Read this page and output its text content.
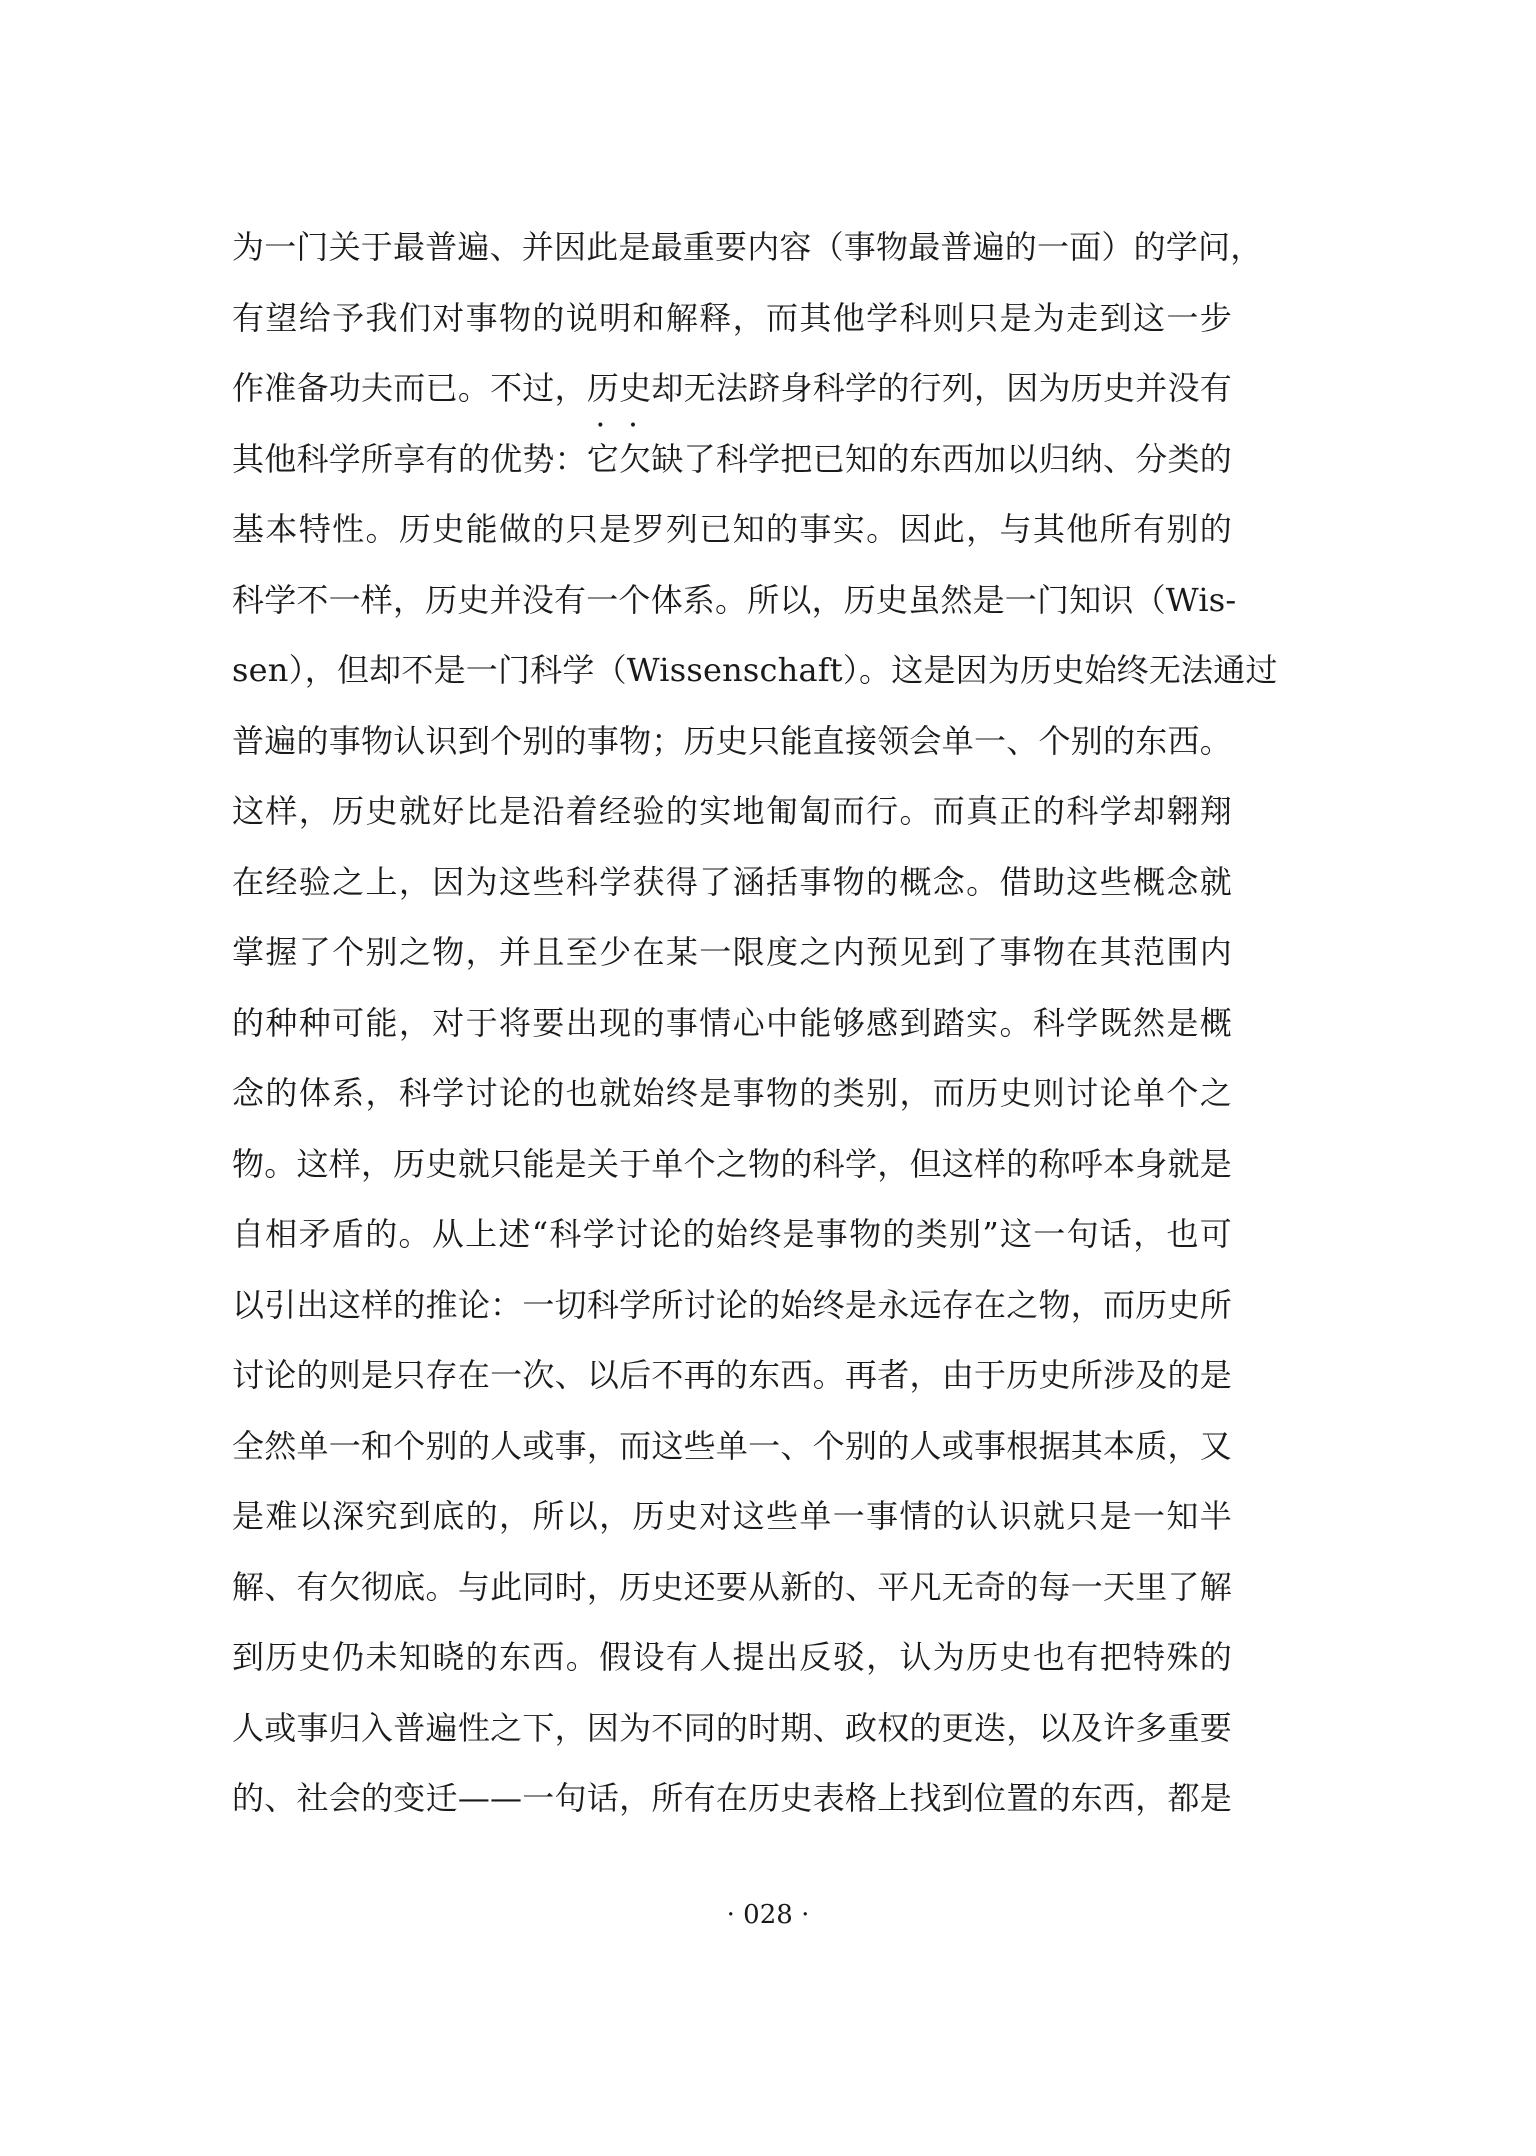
为一门关于最普遍、并因此是最重要内容（事物最普遍的一面）的学问，
有望给予我们对事物的说明和解释，而其他学科则只是为走到这一步
作准备功夫而已。不过，历史 • •却无法跻身科学的行列，因为历史并没有
其他科学所享有的优势：它欠缺了科学把已知的东西加以归纳、分类的
基本特性。历史能做的只是罗列已知的事实。因此，与其他所有别的
科学不一样，历史并没有一个体系。所以，历史虽然是一门知识（Wis-
sen），但却不是一门科学（Wissenschaft）。这是因为历史始终无法通过
普遍的事物认识到个别的事物；历史只能直接领会单一、个别的东西。
这样，历史就好比是沿着经验的实地匍匐而行。而真正的科学却翱翔
在经验之上，因为这些科学获得了涵括事物的概念。借助这些概念就
掌握了个别之物，并且至少在某一限度之内预见到了事物在其范围内
的种种可能，对于将要出现的事情心中能够感到踏实。科学既然是概
念的体系，科学讨论的也就始终是事物的类别，而历史则讨论单个之
物。这样，历史就只能是关于单个之物的科学，但这样的称呼本身就是
自相矛盾的。从上述“科学讨论的始终是事物的类别”这一句话，也可
以引出这样的推论：一切科学所讨论的始终是永远存在之物，而历史所
讨论的则是只存在一次、以后不再的东西。再者，由于历史所涉及的是
全然单一和个别的人或事，而这些单一、个别的人或事根据其本质，又
是难以深究到底的，所以，历史对这些单一事情的认识就只是一知半
解、有欠彻底。与此同时，历史还要从新的、平凡无奇的每一天里了解
到历史仍未知晓的东西。假设有人提出反驳，认为历史也有把特殊的
人或事归入普遍性之下，因为不同的时期、政权的更迭，以及许多重要
的、社会的变迁——一句话，所有在历史表格上找到位置的东西，都是
· 028 ·
